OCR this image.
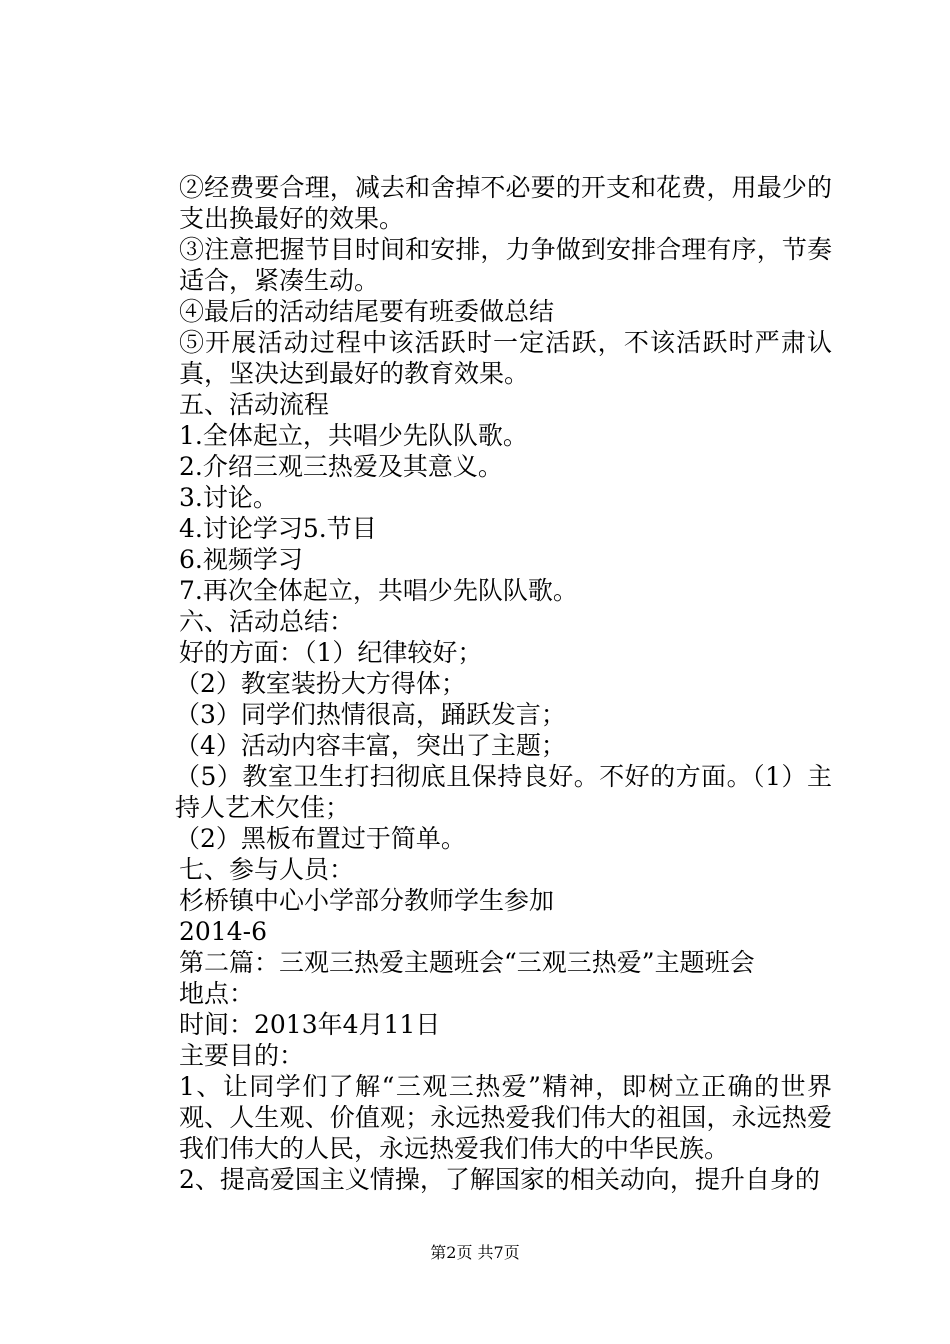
②经费要合理，减去和舍掉不必要的开支和花费，用最少的支出换最好的效果。
③注意把握节目时间和安排，力争做到安排合理有序，节奏适合，紧凑生动。
④最后的活动结尾要有班委做总结
⑤开展活动过程中该活跃时一定活跃，不该活跃时严肃认真，坚决达到最好的教育效果。
五、活动流程
1.全体起立，共唱少先队队歌。
2.介绍三观三热爱及其意义。
3.讨论。
4.讨论学习5.节目
6.视频学习
7.再次全体起立，共唱少先队队歌。
六、活动总结：
好的方面：（1）纪律较好；
（2）教室装扮大方得体；
（3）同学们热情很高，踊跃发言；
（4）活动内容丰富，突出了主题；
（5）教室卫生打扫彻底且保持良好。不好的方面。（1）主持人艺术欠佳；
（2）黑板布置过于简单。
七、参与人员：
杉桥镇中心小学部分教师学生参加
2014-6
第二篇：三观三热爱主题班会“三观三热爱”主题班会
地点：
时间：2013年4月11日
主要目的：
1、让同学们了解“三观三热爱”精神，即树立正确的世界观、人生观、价值观；永远热爱我们伟大的祖国，永远热爱我们伟大的人民，永远热爱我们伟大的中华民族。
2、提高爱国主义情操，了解国家的相关动向，提升自身的
第2页 共7页
